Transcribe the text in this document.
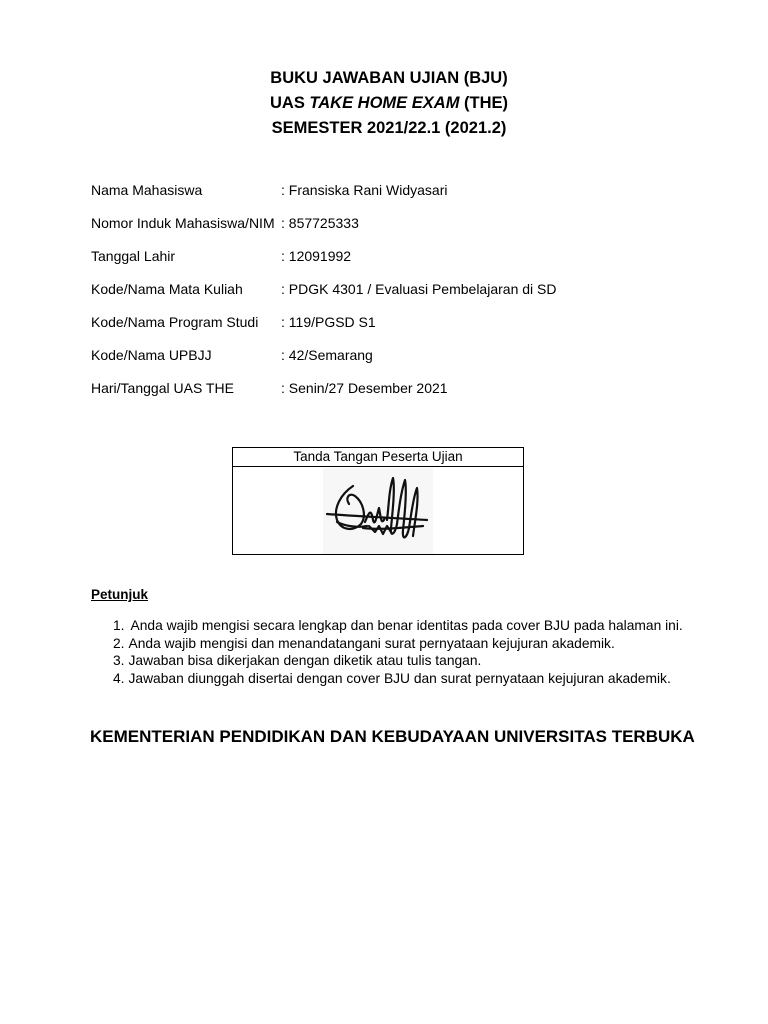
BUKU JAWABAN UJIAN (BJU)
UAS TAKE HOME EXAM (THE)
SEMESTER 2021/22.1 (2021.2)
Nama Mahasiswa	: Fransiska Rani Widyasari
Nomor Induk Mahasiswa/NIM : 857725333
Tanggal Lahir	: 12091992
Kode/Nama Mata Kuliah	: PDGK 4301 / Evaluasi Pembelajaran di SD
Kode/Nama Program Studi : 119/PGSD S1
Kode/Nama UPBJJ	: 42/Semarang
Hari/Tanggal UAS THE	: Senin/27 Desember 2021
Tanda Tangan Peserta Ujian
Petunjuk
1. Anda wajib mengisi secara lengkap dan benar identitas pada cover BJU pada halaman ini.
2. Anda wajib mengisi dan menandatangani surat pernyataan kejujuran akademik.
3. Jawaban bisa dikerjakan dengan diketik atau tulis tangan.
4. Jawaban diunggah disertai dengan cover BJU dan surat pernyataan kejujuran akademik.
KEMENTERIAN PENDIDIKAN DAN KEBUDAYAAN UNIVERSITAS TERBUKA
